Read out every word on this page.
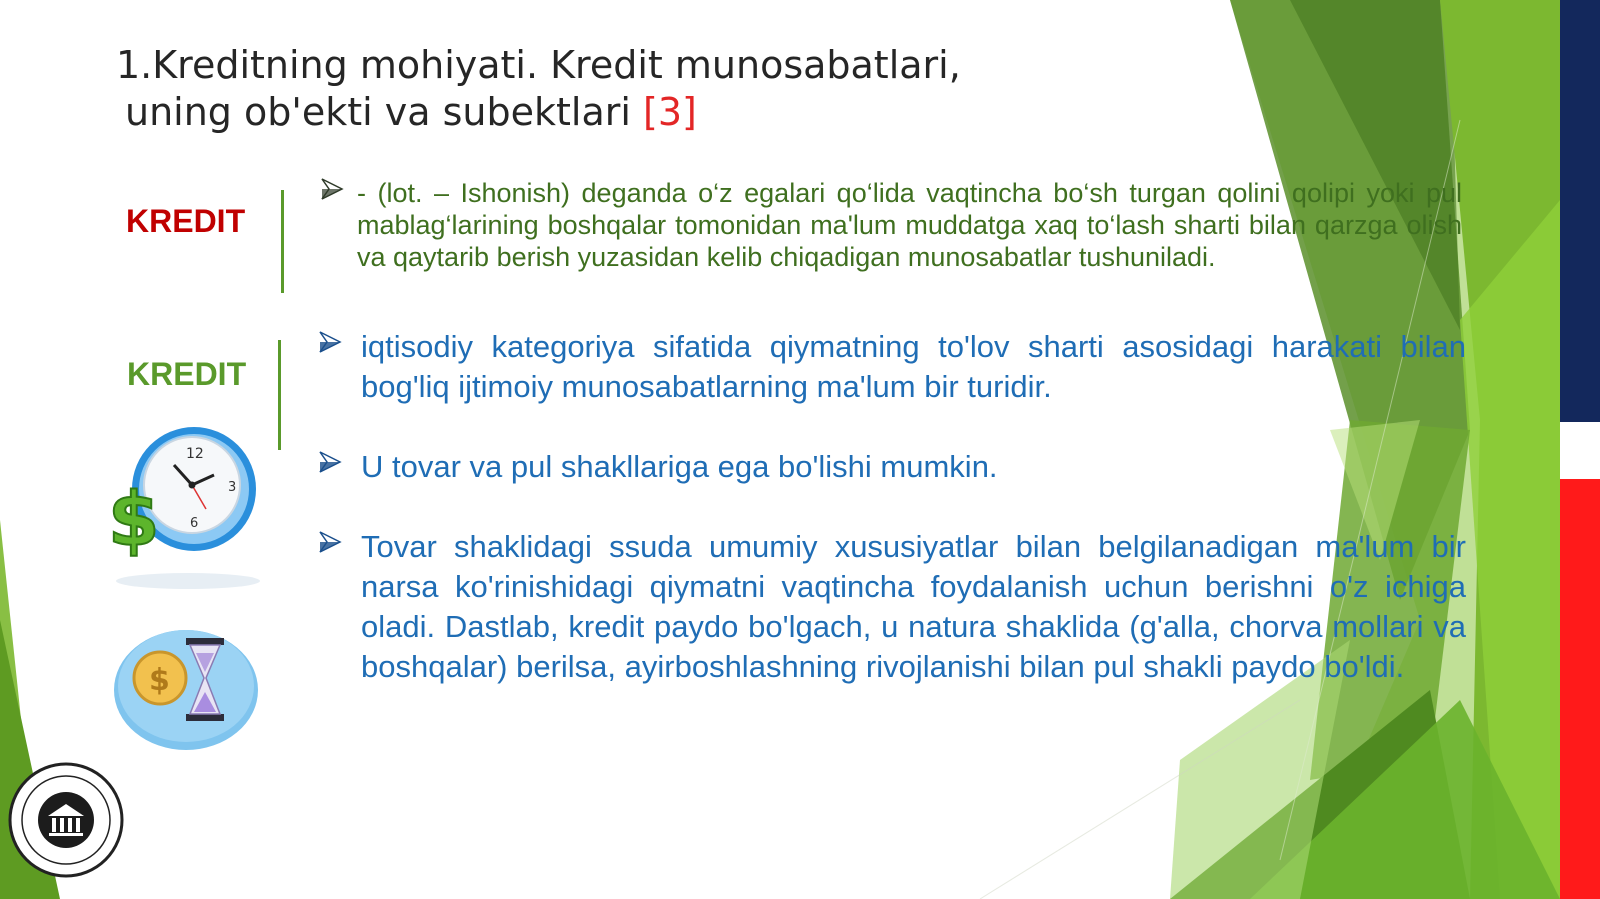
1.Kreditning mohiyati. Kredit munosabatlari,
uning ob'ekti va subektlari [3]
KREDIT
KREDIT
12
3
6
$
$
- (lot. – Ishonish) deganda o‘z egalari qo‘lida vaqtincha bo‘sh turgan qolini qolipi yoki pul mablag‘larining boshqalar tomonidan ma'lum muddatga xaq to‘lash sharti bilan qarzga olish va qaytarib berish yuzasidan kelib chiqadigan munosabatlar tushuniladi.
iqtisodiy kategoriya sifatida qiymatning to'lov sharti asosidagi harakati bilan bog'liq ijtimoiy munosabatlarning ma'lum bir turidir.
U tovar va pul shakllariga ega bo'lishi mumkin.
Tovar shaklidagi ssuda umumiy xususiyatlar bilan belgilanadigan ma'lum bir narsa ko'rinishidagi qiymatni vaqtincha foydalanish uchun berishni o'z ichiga oladi. Dastlab, kredit paydo bo'lgach, u natura shaklida (g'alla, chorva mollari va boshqalar) berilsa, ayirboshlashning rivojlanishi bilan pul shakli paydo bo'ldi.
